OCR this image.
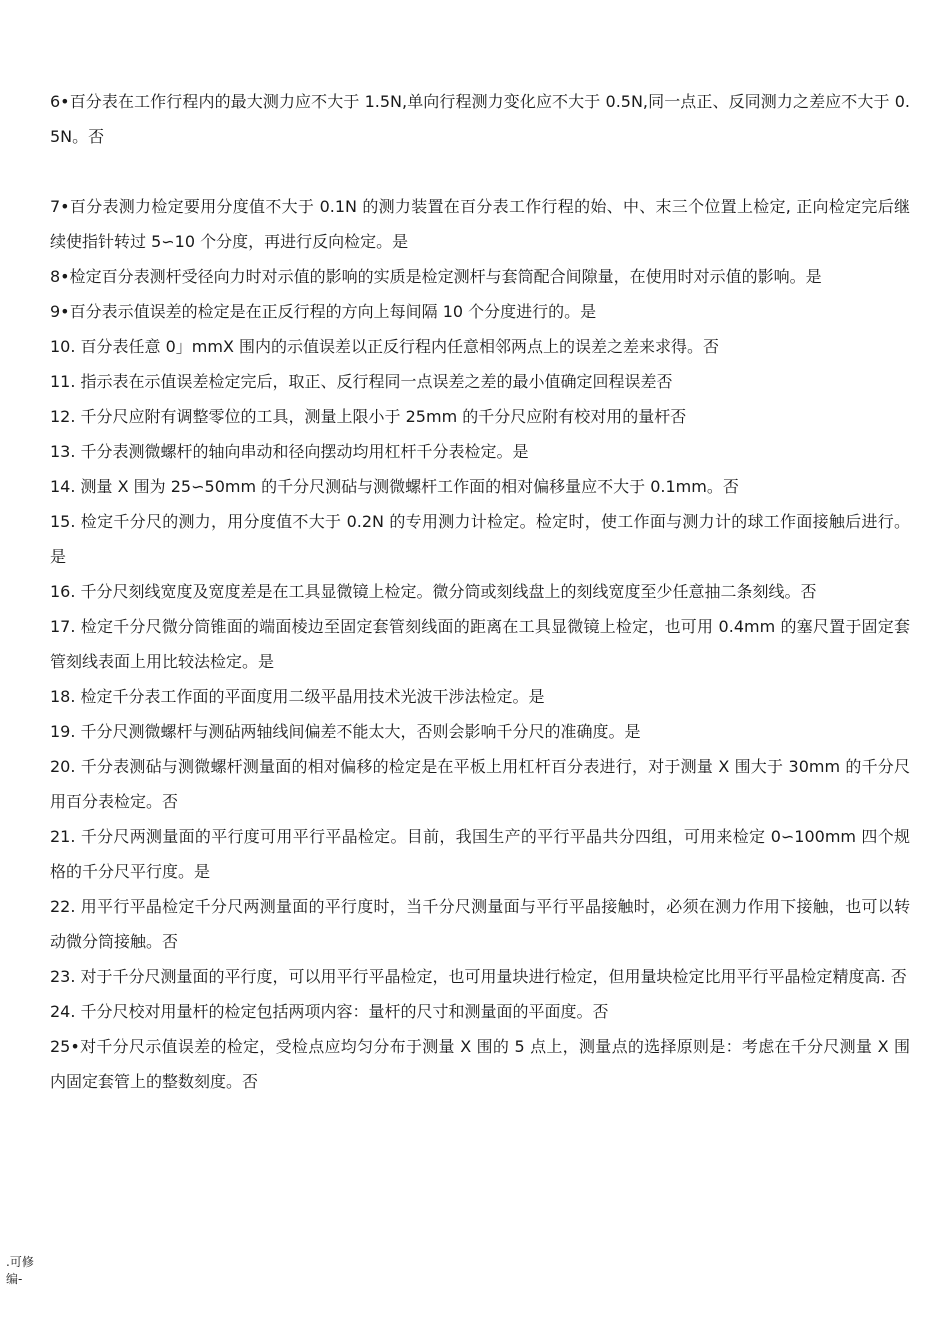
6•百分表在工作行程内的最大测力应不大于 1.5N,单向行程测力变化应不大于 0.5N,同一点正、反同测力之差应不大于 0.5N。否

7•百分表测力检定要用分度值不大于 0.1N 的测力装置在百分表工作行程的始、中、末三个位置上检定, 正向检定完后继续使指针转过 5∽10 个分度，再进行反向检定。是

8•检定百分表测杆受径向力时对示值的影响的实质是检定测杆与套筒配合间隙量，在使用时对示值的影响。是

9•百分表示值误差的检定是在正反行程的方向上每间隔 10 个分度进行的。是

10. 百分表任意 0」mmX 围内的示值误差以正反行程内任意相邻两点上的误差之差来求得。否

11. 指示表在示值误差检定完后，取正、反行程同一点误差之差的最小值确定回程误差否

12. 千分尺应附有调整零位的工具，测量上限小于 25mm 的千分尺应附有校对用的量杆否

13. 千分表测微螺杆的轴向串动和径向摆动均用杠杆千分表检定。是

14. 测量 X 围为 25∽50mm 的千分尺测砧与测微螺杆工作面的相对偏移量应不大于 0.1mm。否

15. 检定千分尺的测力，用分度值不大于 0.2N 的专用测力计检定。检定时，使工作面与测力计的球工作面接触后进行。是

16. 千分尺刻线宽度及宽度差是在工具显微镜上检定。微分筒或刻线盘上的刻线宽度至少任意抽二条刻线。否

17. 检定千分尺微分筒锥面的端面棱边至固定套管刻线面的距离在工具显微镜上检定，也可用 0.4mm 的塞尺置于固定套管刻线表面上用比较法检定。是

18. 检定千分表工作面的平面度用二级平晶用技术光波干涉法检定。是

19. 千分尺测微螺杆与测砧两轴线间偏差不能太大，否则会影响千分尺的准确度。是

20. 千分表测砧与测微螺杆测量面的相对偏移的检定是在平板上用杠杆百分表进行，对于测量 X 围大于 30mm 的千分尺用百分表检定。否

21. 千分尺两测量面的平行度可用平行平晶检定。目前，我国生产的平行平晶共分四组，可用来检定 0∽100mm 四个规格的千分尺平行度。是

22. 用平行平晶检定千分尺两测量面的平行度时，当千分尺测量面与平行平晶接触时，必须在测力作用下接触，也可以转动微分筒接触。否

23. 对于千分尺测量面的平行度，可以用平行平晶检定，也可用量块进行检定，但用量块检定比用平行平晶检定精度高. 否

24. 千分尺校对用量杆的检定包括两项内容：量杆的尺寸和测量面的平面度。否

25•对千分尺示值误差的检定，受检点应均匀分布于测量 X 围的 5 点上，测量点的选择原则是：考虑在千分尺测量 X 围内固定套管上的整数刻度。否

.可修
编-
